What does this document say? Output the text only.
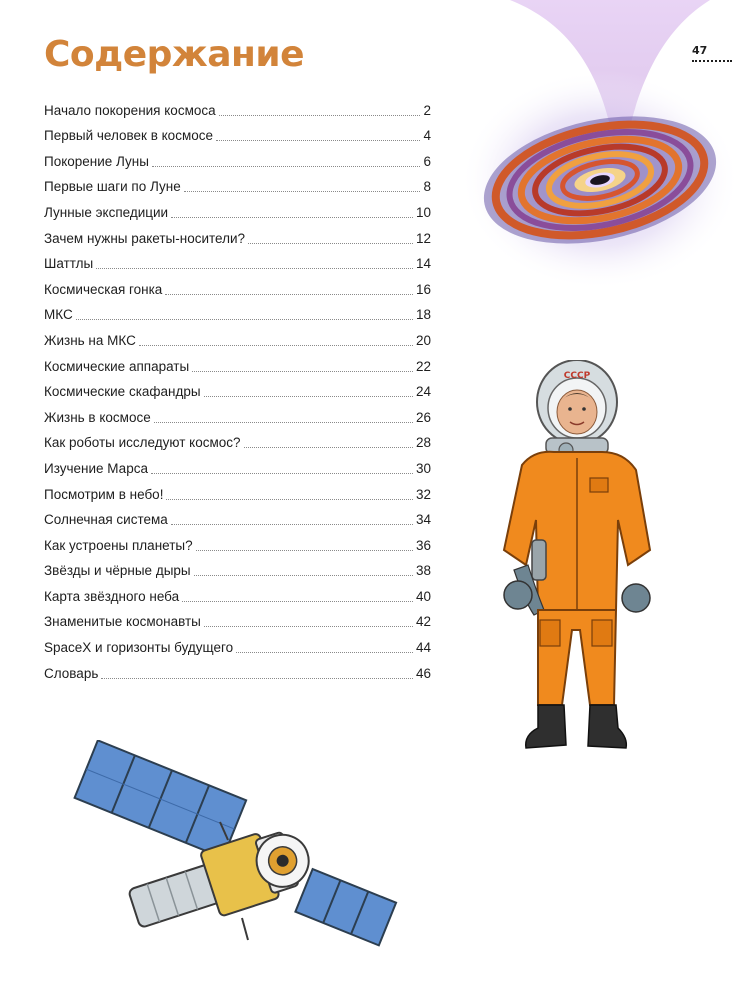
Содержание	47
Начало покорения космоса	2
Первый человек в космосе	4
Покорение Луны	6
Первые шаги по Луне	8
Лунные экспедиции	10
Зачем нужны ракеты-носители?	12
Шаттлы	14
Космическая гонка	16
МКС	18
Жизнь на МКС	20
Космические аппараты	22
Космические скафандры	24
Жизнь в космосе	26
Как роботы исследуют космос?	28
Изучение Марса	30
Посмотрим в небо!	32
Солнечная система	34
Как устроены планеты?	36
Звёзды и чёрные дыры	38
Карта звёздного неба	40
Знаменитые космонавты	42
SpaceX и горизонты будущего	44
Словарь	46
СССР
